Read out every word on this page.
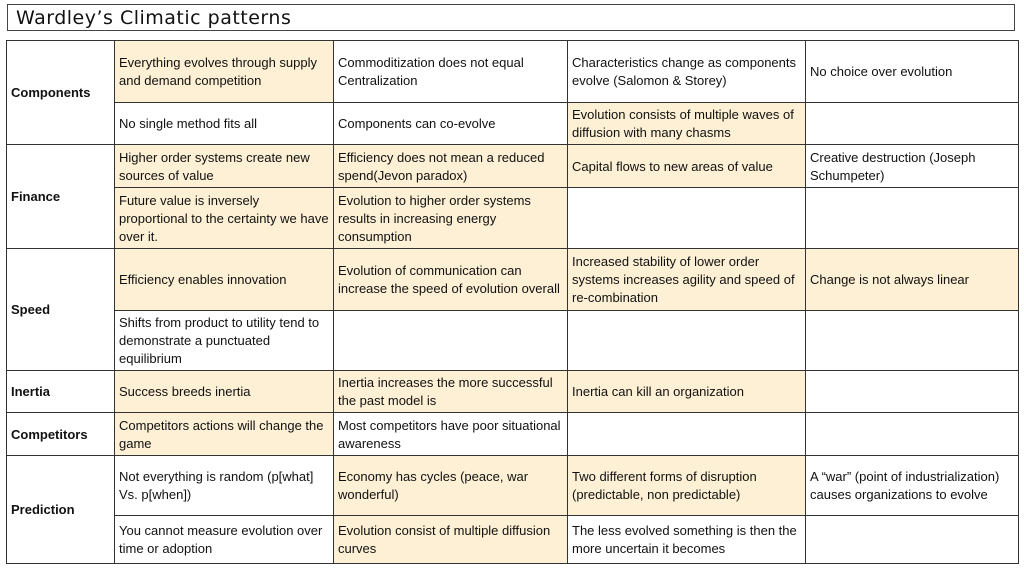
Wardley’s Climatic patterns
Components	Everything evolves through supply and demand competition	Commoditization does not equal Centralization	Characteristics change as components evolve (Salomon & Storey)	No choice over evolution
	No single method fits all	Components can co-evolve	Evolution consists of multiple waves of diffusion with many chasms	
Finance	Higher order systems create new sources of value	Efficiency does not mean a reduced spend(Jevon paradox)	Capital flows to new areas of value	Creative destruction (Joseph Schumpeter)
	Future value is inversely proportional to the certainty we have over it.	Evolution to higher order systems results in increasing energy consumption		
Speed	Efficiency enables innovation	Evolution of communication can increase the speed of evolution overall	Increased stability of lower order systems increases agility and speed of re-combination	Change is not always linear
	Shifts from product to utility tend to demonstrate a punctuated equilibrium			
Inertia	Success breeds inertia	Inertia increases the more successful the past model is	Inertia can kill an organization	
Competitors	Competitors actions will change the game	Most competitors have poor situational awareness		
Prediction	Not everything is random (p[what] Vs. p[when])	Economy has cycles (peace, war wonderful)	Two different forms of disruption (predictable, non predictable)	A “war” (point of industrialization) causes organizations to evolve
	You cannot measure evolution over time or adoption	Evolution consist of multiple diffusion curves	The less evolved something is then the more uncertain it becomes	
